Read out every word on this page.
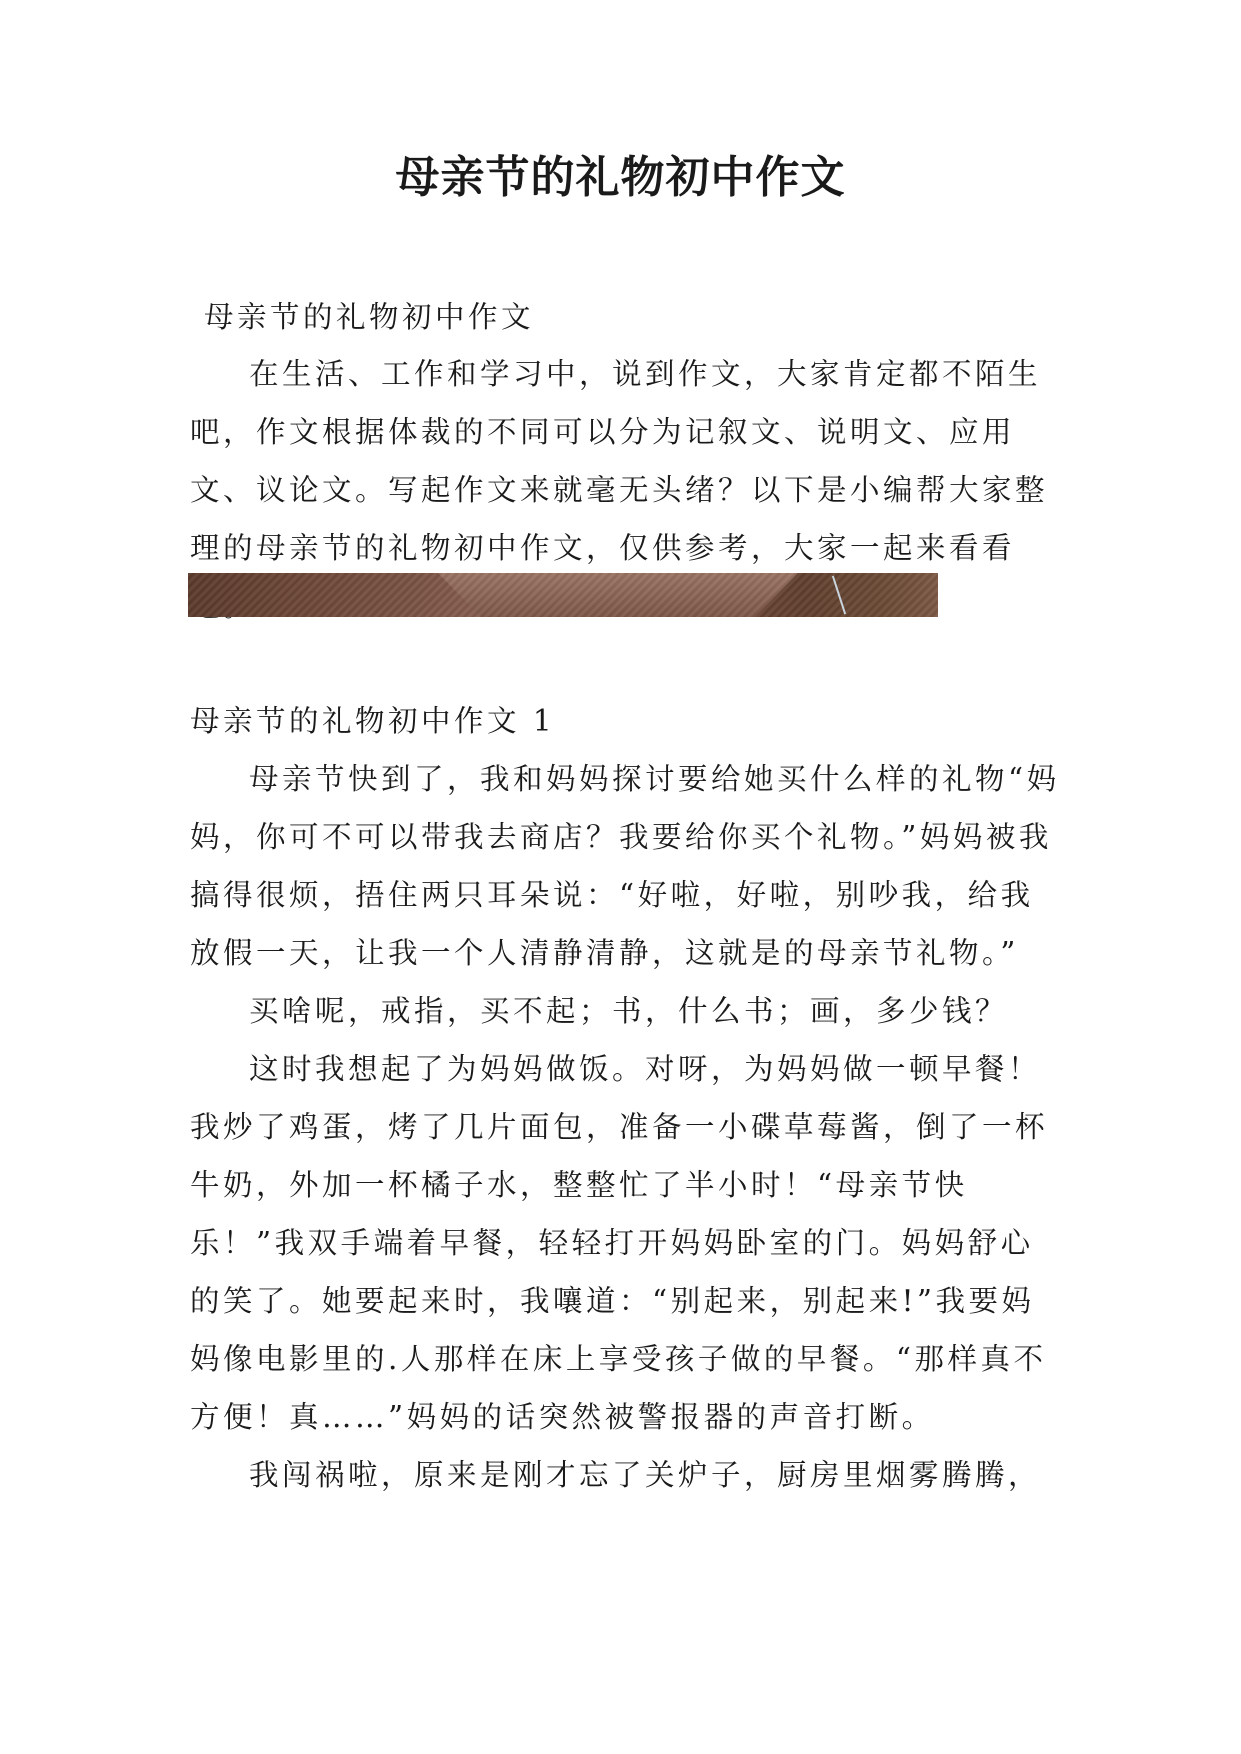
母亲节的礼物初中作文

母亲节的礼物初中作文

在生活、工作和学习中，说到作文，大家肯定都不陌生吧，作文根据体裁的不同可以分为记叙文、说明文、应用文、议论文。写起作文来就毫无头绪？以下是小编帮大家整理的母亲节的礼物初中作文，仅供参考，大家一起来看看

母亲节的礼物初中作文 1

母亲节快到了，我和妈妈探讨要给她买什么样的礼物“妈妈，你可不可以带我去商店？我要给你买个礼物。”妈妈被我搞得很烦，捂住两只耳朵说：“好啦，好啦，别吵我，给我放假一天，让我一个人清静清静，这就是的母亲节礼物。”

买啥呢，戒指，买不起；书，什么书；画，多少钱？

这时我想起了为妈妈做饭。对呀，为妈妈做一顿早餐！我炒了鸡蛋，烤了几片面包，准备一小碟草莓酱，倒了一杯牛奶，外加一杯橘子水，整整忙了半小时！“母亲节快乐！”我双手端着早餐，轻轻打开妈妈卧室的门。妈妈舒心的笑了。她要起来时，我嚷道：“别起来，别起来!”我要妈妈像电影里的.人那样在床上享受孩子做的早餐。“那样真不方便！真……”妈妈的话突然被警报器的声音打断。

我闯祸啦，原来是刚才忘了关炉子，厨房里烟雾腾腾，
